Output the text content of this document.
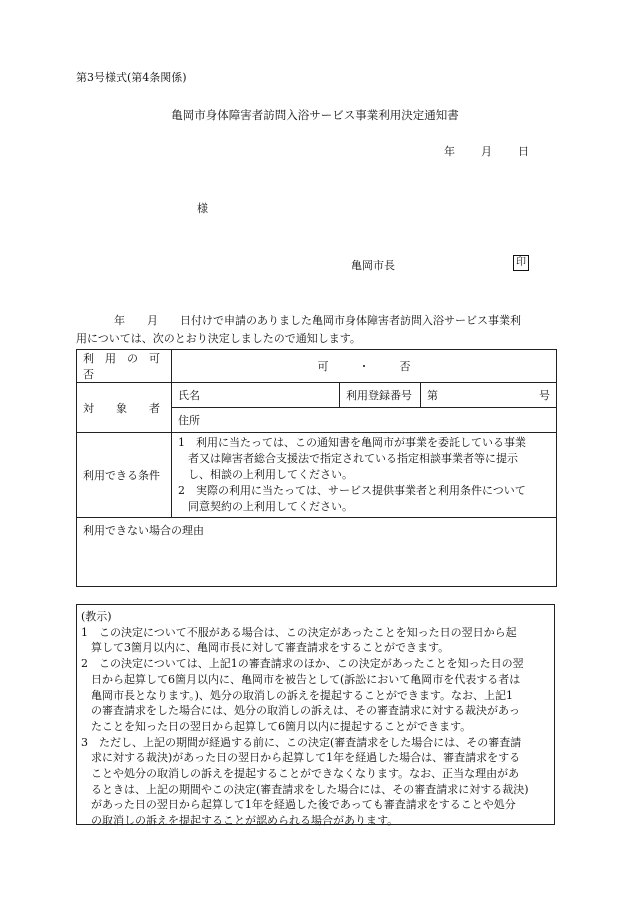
第3号様式(第4条関係)
亀岡市身体障害者訪問入浴サービス事業利用決定通知書
年 月 日
様
亀岡市長	印

年　　月　　日付けで申請のありました亀岡市身体障害者訪問入浴サービス事業利

用については、次のとおり決定しましたので通知します。

利　用　の　可　否	可 ・ 否		
対　　象　　者	氏名	利用登録番号	第 号

	住所		
利用できる条件	1　利用に当たっては、この通知書を亀岡市が事業を委託している事業

者又は障害者総合支援法で指定されている指定相談事業者等に提示

し、相談の上利用してください。

2　実際の利用に当たっては、サービス提供事業者と利用条件について

同意契約の上利用してください。		

利用できない場合の理由			

(教示)

1　この決定について不服がある場合は、この決定があったことを知った日の翌日から起

算して3箇月以内に、亀岡市長に対して審査請求をすることができます。

2　この決定については、上記1の審査請求のほか、この決定があったことを知った日の翌

日から起算して6箇月以内に、亀岡市を被告として(訴訟において亀岡市を代表する者は

亀岡市長となります。)、処分の取消しの訴えを提起することができます。なお、上記1

の審査請求をした場合には、処分の取消しの訴えは、その審査請求に対する裁決があっ

たことを知った日の翌日から起算して6箇月以内に提起することができます。

3　ただし、上記の期間が経過する前に、この決定(審査請求をした場合には、その審査請

求に対する裁決)があった日の翌日から起算して1年を経過した場合は、審査請求をする

ことや処分の取消しの訴えを提起することができなくなります。なお、正当な理由があ

るときは、上記の期間やこの決定(審査請求をした場合には、その審査請求に対する裁決)

があった日の翌日から起算して1年を経過した後であっても審査請求をすることや処分

の取消しの訴えを提起することが認められる場合があります。
